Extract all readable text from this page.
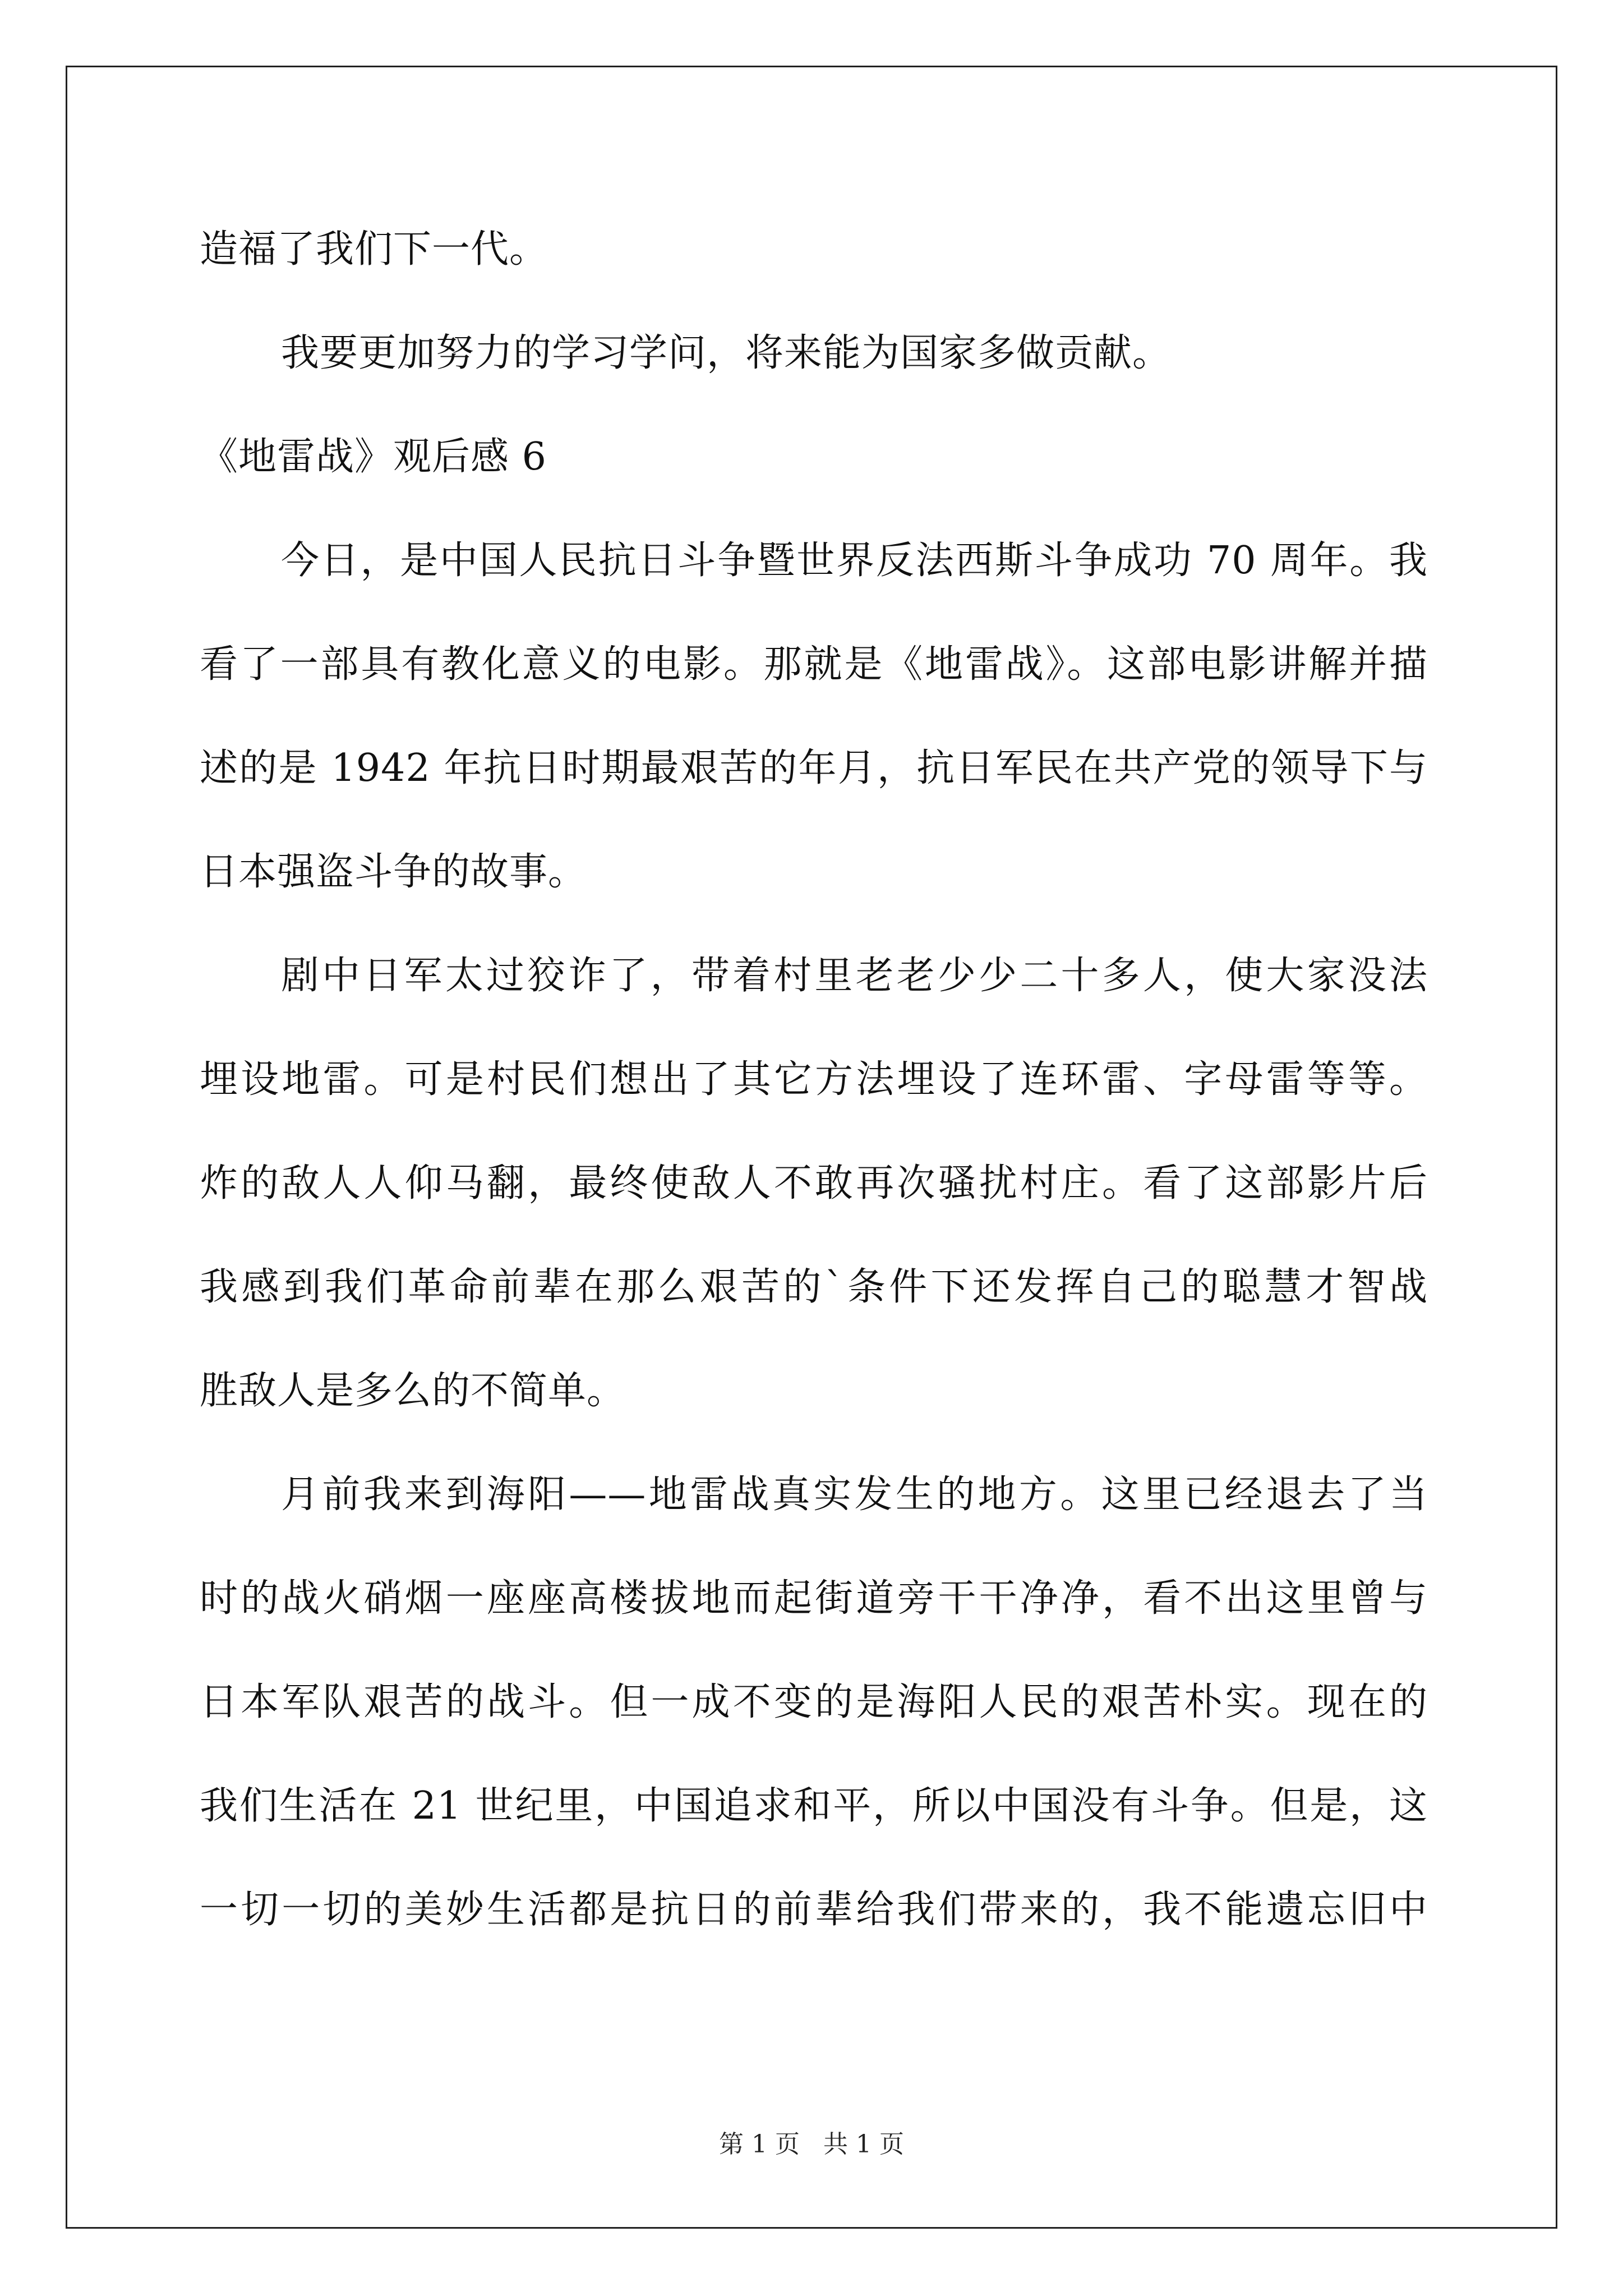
造福了我们下一代。
我要更加努力的学习学问，将来能为国家多做贡献。
《地雷战》观后感 6
今日，是中国人民抗日斗争暨世界反法西斯斗争成功 70 周年。我
看了一部具有教化意义的电影。那就是《地雷战》。这部电影讲解并描
述的是 1942 年抗日时期最艰苦的年月，抗日军民在共产党的领导下与
日本强盗斗争的故事。
剧中日军太过狡诈了，带着村里老老少少二十多人，使大家没法
埋设地雷。可是村民们想出了其它方法埋设了连环雷、字母雷等等。
炸的敌人人仰马翻，最终使敌人不敢再次骚扰村庄。看了这部影片后
我感到我们革命前辈在那么艰苦的`条件下还发挥自己的聪慧才智战
胜敌人是多么的不简单。
月前我来到海阳——地雷战真实发生的地方。这里已经退去了当
时的战火硝烟一座座高楼拔地而起街道旁干干净净，看不出这里曾与
日本军队艰苦的战斗。但一成不变的是海阳人民的艰苦朴实。现在的
我们生活在 21 世纪里，中国追求和平，所以中国没有斗争。但是，这
一切一切的美妙生活都是抗日的前辈给我们带来的，我不能遗忘旧中
第 1 页   共 1 页
